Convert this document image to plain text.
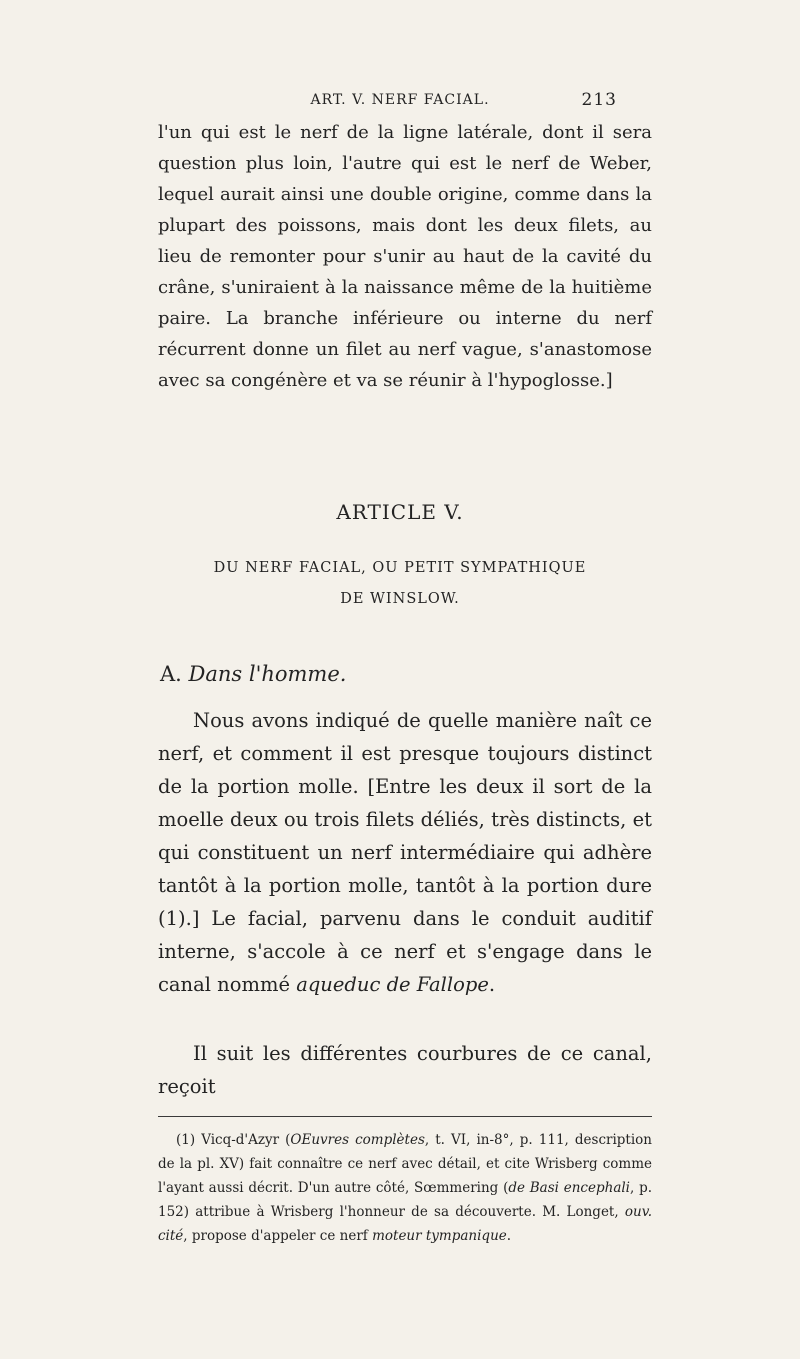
ART. V. NERF FACIAL.	213
l'un qui est le nerf de la ligne latérale, dont il sera question plus loin, l'autre qui est le nerf de Weber, lequel aurait ainsi une double origine, comme dans la plupart des poissons, mais dont les deux filets, au lieu de remonter pour s'unir au haut de la cavité du crâne, s'uniraient à la naissance même de la huitième paire. La branche inférieure ou interne du nerf récurrent donne un filet au nerf vague, s'anastomose avec sa congénère et va se réunir à l'hypoglosse.]
ARTICLE V.
DU NERF FACIAL, OU PETIT SYMPATHIQUE
DE WINSLOW.
A. Dans l'homme.
Nous avons indiqué de quelle manière naît ce nerf, et comment il est presque toujours distinct de la portion molle. [Entre les deux il sort de la moelle deux ou trois filets déliés, très distincts, et qui constituent un nerf intermédiaire qui adhère tantôt à la portion molle, tantôt à la portion dure (1).] Le facial, parvenu dans le conduit auditif interne, s'accole à ce nerf et s'engage dans le canal nommé aqueduc de Fallope.
Il suit les différentes courbures de ce canal, reçoit
(1) Vicq-d'Azyr (OEuvres complètes, t. VI, in-8°, p. 111, description de la pl. XV) fait connaître ce nerf avec détail, et cite Wrisberg comme l'ayant aussi décrit. D'un autre côté, Sœmmering (de Basi encephali, p. 152) attribue à Wrisberg l'honneur de sa découverte. M. Longet, ouv. cité, propose d'appeler ce nerf moteur tympanique.
